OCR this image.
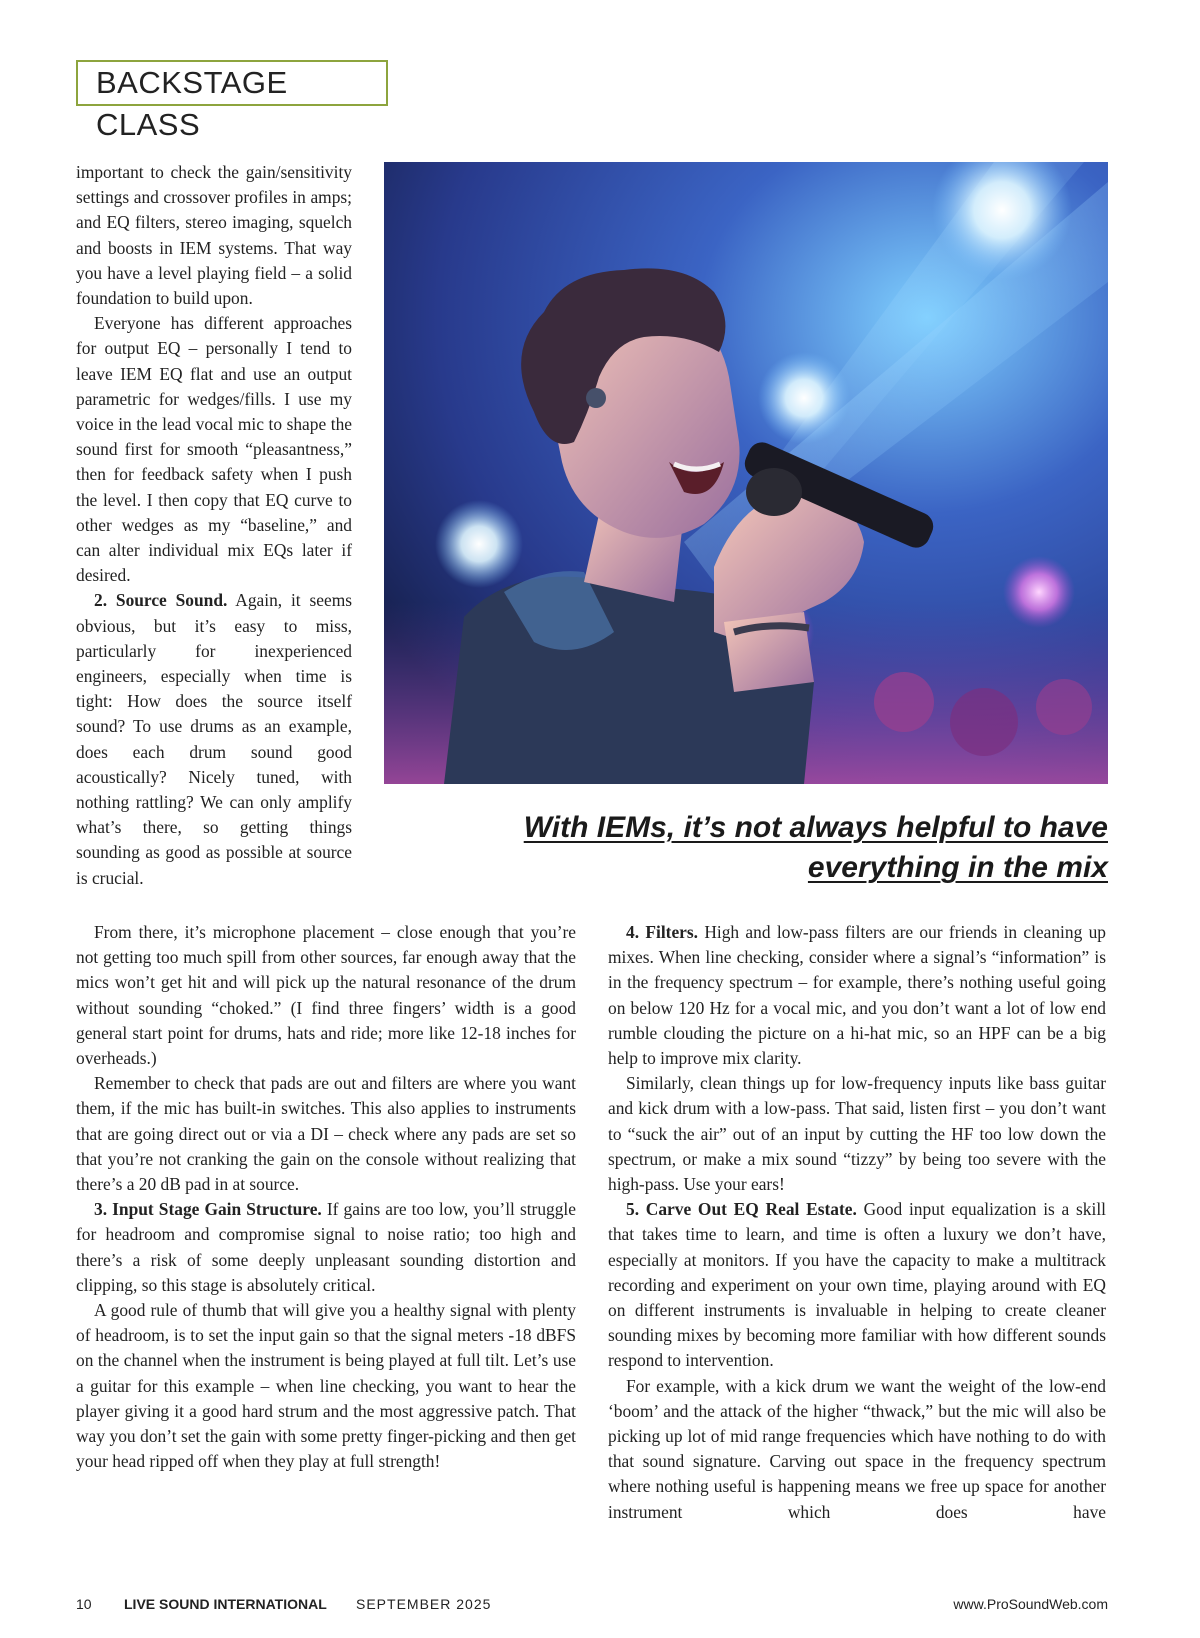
BACKSTAGE CLASS

important to check the gain/sensitivity settings and crossover profiles in amps; and EQ filters, stereo imaging, squelch and boosts in IEM systems. That way you have a level playing field – a solid foundation to build upon.

Everyone has different approaches for output EQ – personally I tend to leave IEM EQ flat and use an output parametric for wedges/fills. I use my voice in the lead vocal mic to shape the sound first for smooth “pleasantness,” then for feedback safety when I push the level. I then copy that EQ curve to other wedges as my “baseline,” and can alter individual mix EQs later if desired.

2. Source Sound. Again, it seems obvious, but it’s easy to miss, particularly for inexperienced engineers, especially when time is tight: How does the source itself sound? To use drums as an example, does each drum sound good acoustically? Nicely tuned, with nothing rattling? We can only amplify what’s there, so getting things sounding as good as possible at source is crucial.

With IEMs, it’s not always helpful to have everything in the mix

From there, it’s microphone placement – close enough that you’re not getting too much spill from other sources, far enough away that the mics won’t get hit and will pick up the natural resonance of the drum without sounding “choked.” (I find three fingers’ width is a good general start point for drums, hats and ride; more like 12-18 inches for overheads.)

Remember to check that pads are out and filters are where you want them, if the mic has built-in switches. This also applies to instruments that are going direct out or via a DI – check where any pads are set so that you’re not cranking the gain on the console without realizing that there’s a 20 dB pad in at source.

3. Input Stage Gain Structure. If gains are too low, you’ll struggle for headroom and compromise signal to noise ratio; too high and there’s a risk of some deeply unpleasant sounding distortion and clipping, so this stage is absolutely critical.

A good rule of thumb that will give you a healthy signal with plenty of headroom, is to set the input gain so that the signal meters -18 dBFS on the channel when the instrument is being played at full tilt. Let’s use a guitar for this example – when line checking, you want to hear the player giving it a good hard strum and the most aggressive patch. That way you don’t set the gain with some pretty finger-picking and then get your head ripped off when they play at full strength!

4. Filters. High and low-pass filters are our friends in cleaning up mixes. When line checking, consider where a signal’s “information” is in the frequency spectrum – for example, there’s nothing useful going on below 120 Hz for a vocal mic, and you don’t want a lot of low end rumble clouding the picture on a hi-hat mic, so an HPF can be a big help to improve mix clarity.

Similarly, clean things up for low-frequency inputs like bass guitar and kick drum with a low-pass. That said, listen first – you don’t want to “suck the air” out of an input by cutting the HF too low down the spectrum, or make a mix sound “tizzy” by being too severe with the high-pass. Use your ears!

5. Carve Out EQ Real Estate. Good input equalization is a skill that takes time to learn, and time is often a luxury we don’t have, especially at monitors. If you have the capacity to make a multitrack recording and experiment on your own time, playing around with EQ on different instruments is invaluable in helping to create cleaner sounding mixes by becoming more familiar with how different sounds respond to intervention.

For example, with a kick drum we want the weight of the low-end ‘boom’ and the attack of the higher “thwack,” but the mic will also be picking up lot of mid range frequencies which have nothing to do with that sound signature. Carving out space in the frequency spectrum where nothing useful is happening means we free up space for another instrument which does have

10 LIVE SOUND INTERNATIONAL SEPTEMBER 2025	www.ProSoundWeb.com
